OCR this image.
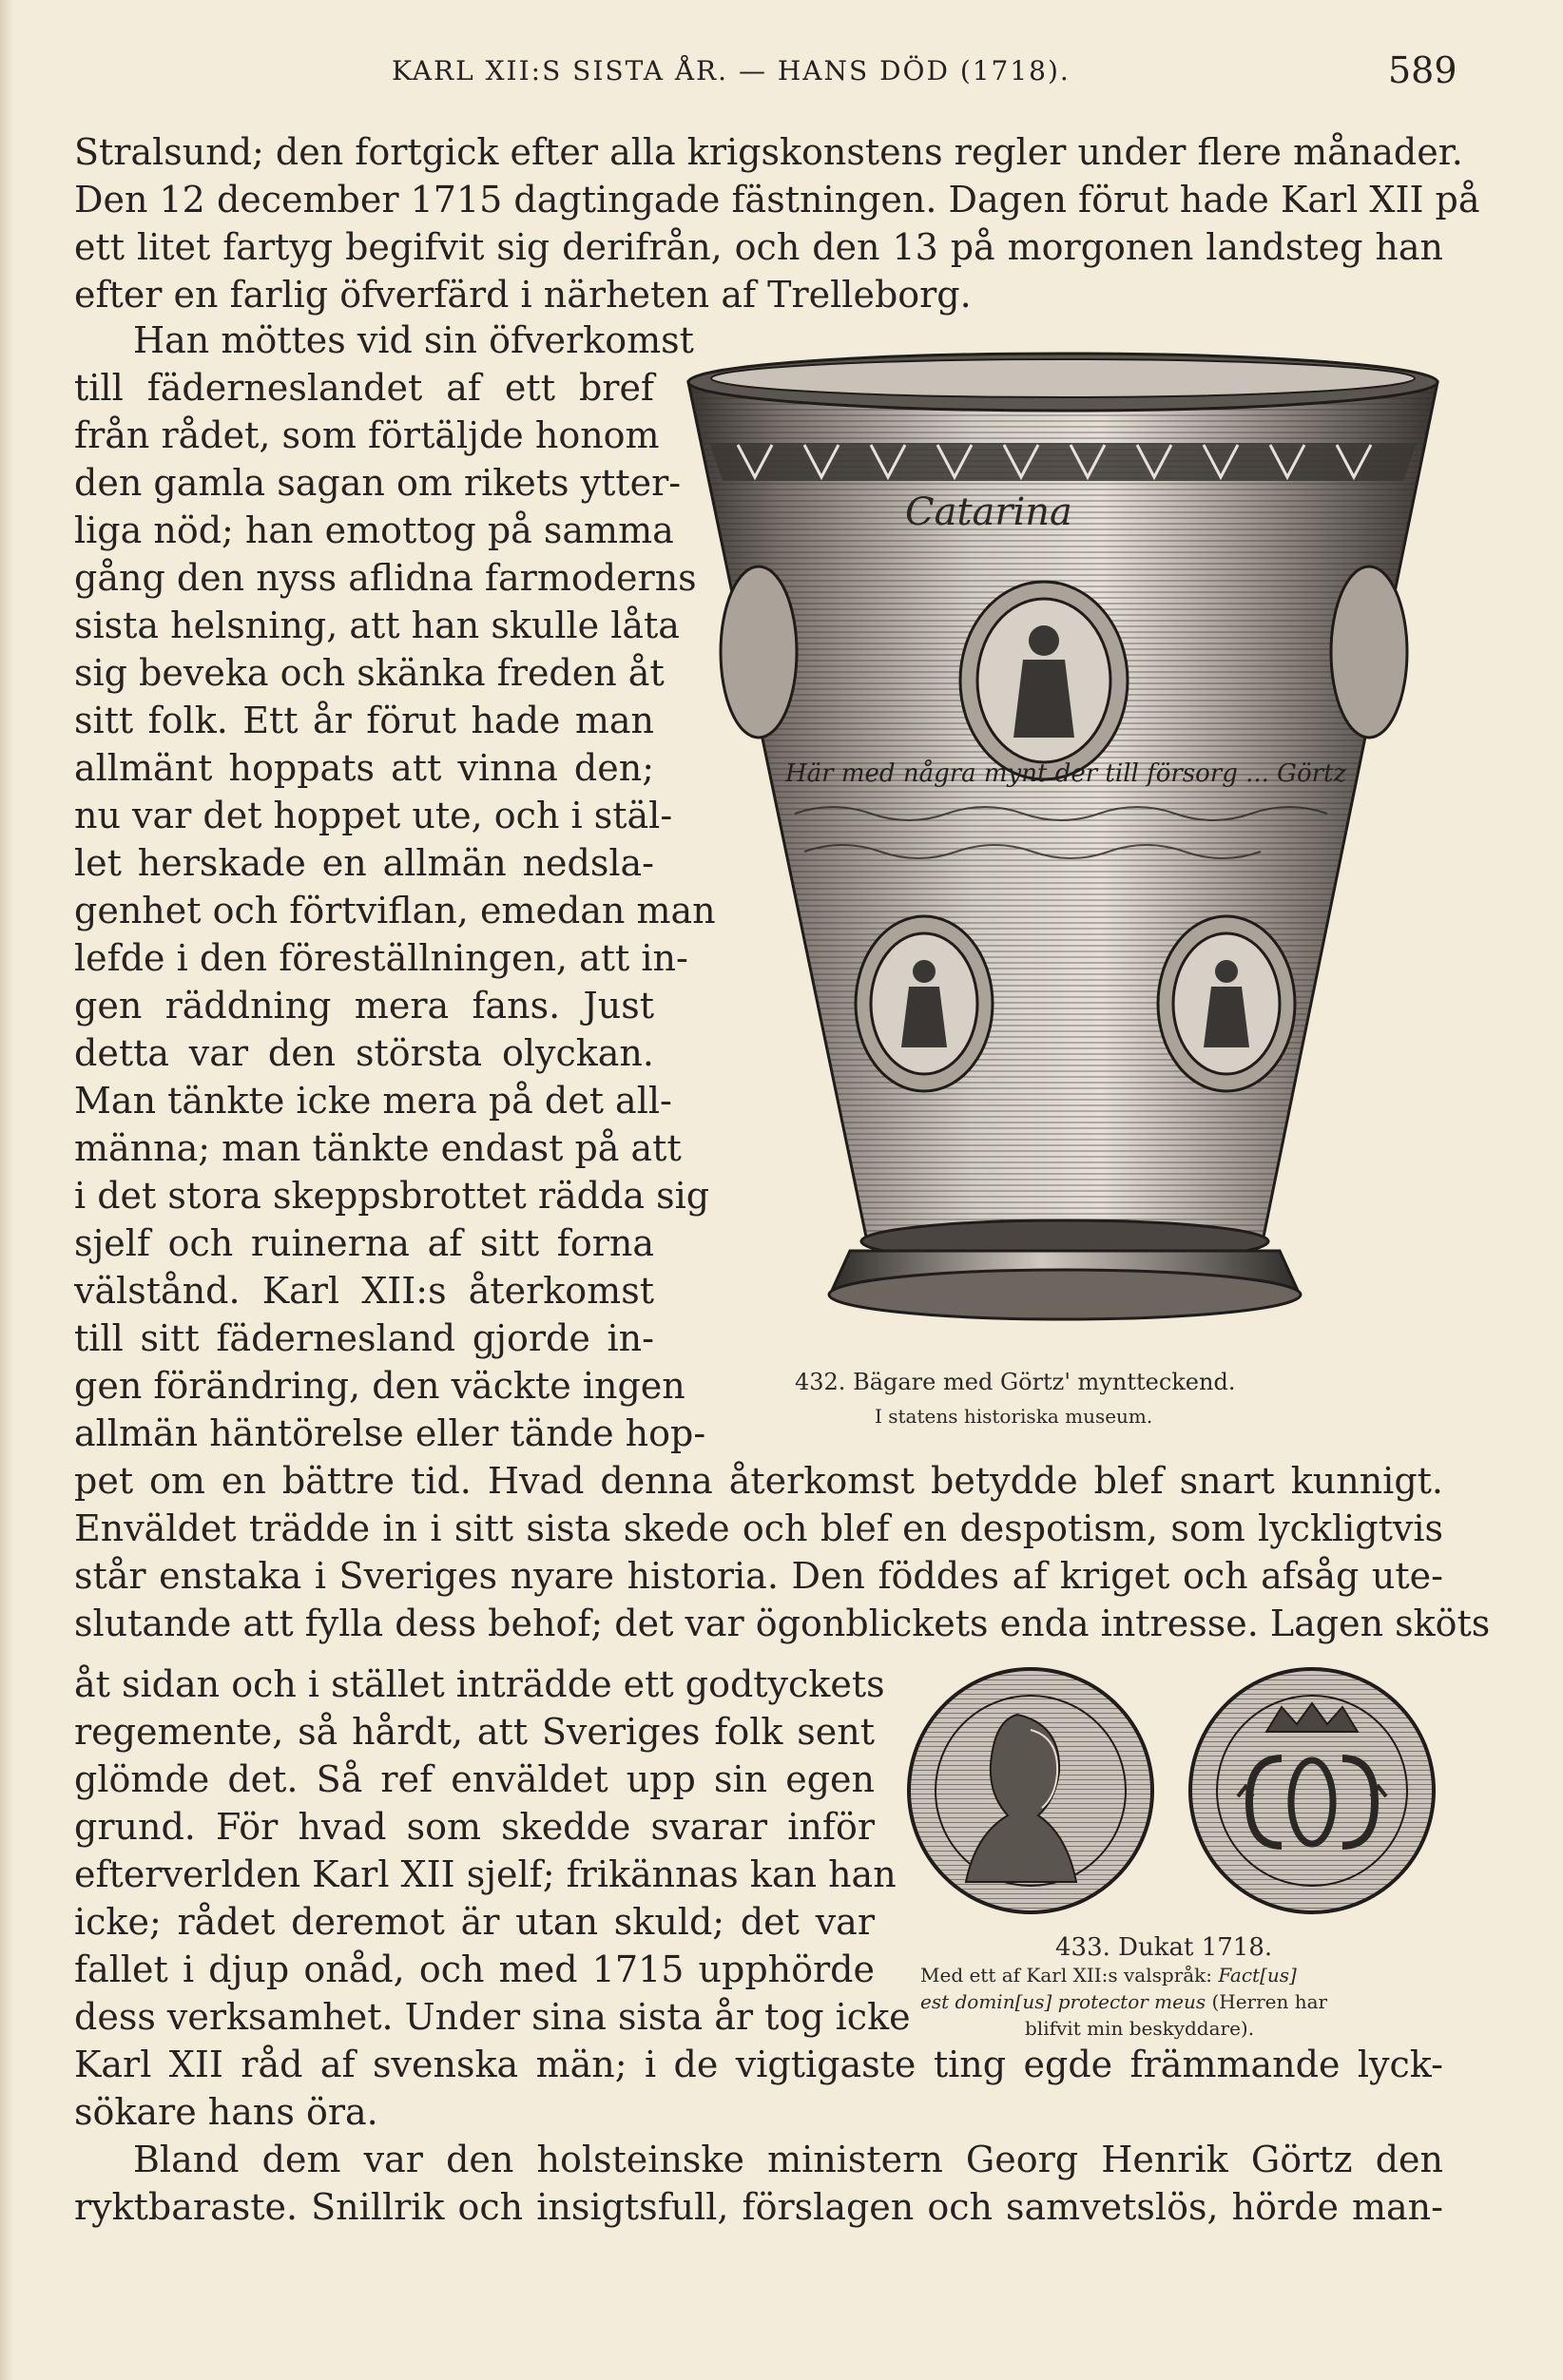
KARL XII:S SISTA ÅR. — HANS DÖD (1718).	589
Stralsund; den fortgick efter alla krigskonstens regler under flere månader.
Den 12 december 1715 dagtingade fästningen. Dagen förut hade Karl XII på
ett litet fartyg begifvit sig derifrån, och den 13 på morgonen landsteg han
efter en farlig öfverfärd i närheten af Trelleborg.
Han möttes vid sin öfverkomst
till fäderneslandet af ett bref
från rådet, som förtäljde honom
den gamla sagan om rikets ytter-
liga nöd; han emottog på samma
gång den nyss aflidna farmoderns
sista helsning, att han skulle låta
sig beveka och skänka freden åt
sitt folk. Ett år förut hade man
allmänt hoppats att vinna den;
nu var det hoppet ute, och i stäl-
let herskade en allmän nedsla-
genhet och förtviflan, emedan man
lefde i den föreställningen, att in-
gen räddning mera fans. Just
detta var den största olyckan.
Man tänkte icke mera på det all-
männa; man tänkte endast på att
i det stora skeppsbrottet rädda sig
sjelf och ruinerna af sitt forna
välstånd. Karl XII:s återkomst
till sitt fädernesland gjorde in-
gen förändring, den väckte ingen
allmän häntörelse eller tände hop-
pet om en bättre tid. Hvad denna återkomst betydde blef snart kunnigt.
Enväldet trädde in i sitt sista skede och blef en despotism, som lyckligtvis
står enstaka i Sveriges nyare historia. Den föddes af kriget och afsåg ute-
slutande att fylla dess behof; det var ögonblickets enda intresse. Lagen sköts
åt sidan och i stället inträdde ett godtyckets
regemente, så hårdt, att Sveriges folk sent
glömde det. Så ref enväldet upp sin egen
grund. För hvad som skedde svarar inför
efterverlden Karl XII sjelf; frikännas kan han
icke; rådet deremot är utan skuld; det var
fallet i djup onåd, och med 1715 upphörde
dess verksamhet. Under sina sista år tog icke
Karl XII råd af svenska män; i de vigtigaste ting egde främmande lyck-
sökare hans öra.
Bland dem var den holsteinske ministern Georg Henrik Görtz den
ryktbaraste. Snillrik och insigtsfull, förslagen och samvetslös, hörde man-
Catarina
Här med några mynt der till försorg ... Görtz
432. Bägare med Görtz' myntteckend.
I statens historiska museum.
433. Dukat 1718.
Med ett af Karl XII:s valspråk: Fact[us]
est domin[us] protector meus (Herren har
blifvit min beskyddare).
